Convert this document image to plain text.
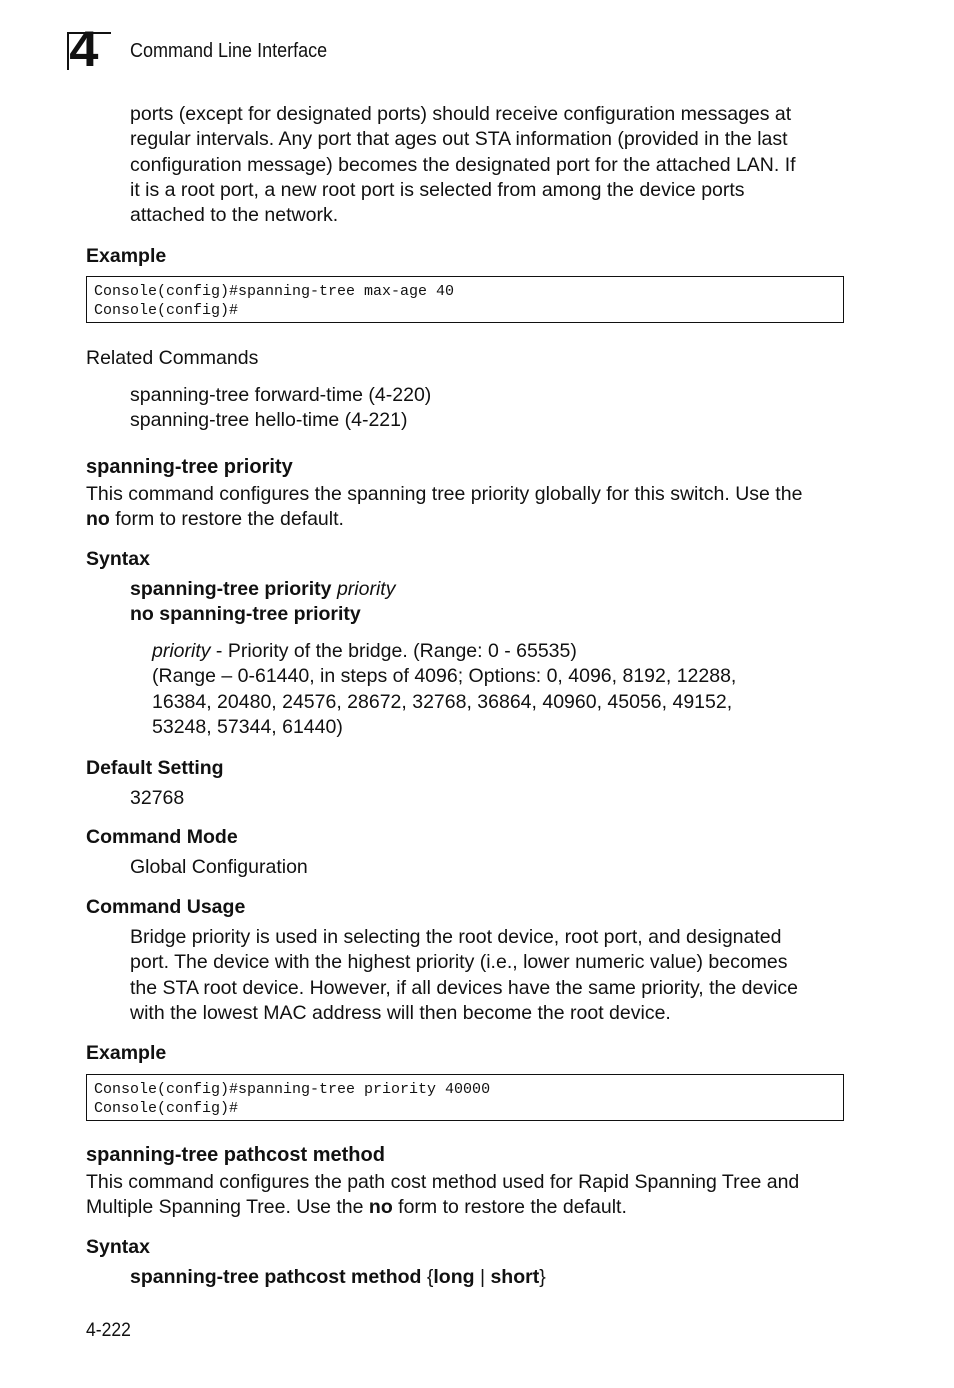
4 Command Line Interface
ports (except for designated ports) should receive configuration messages at
regular intervals. Any port that ages out STA information (provided in the last
configuration message) becomes the designated port for the attached LAN. If
it is a root port, a new root port is selected from among the device ports
attached to the network.
Example
Console(config)#spanning-tree max-age 40
Console(config)#
Related Commands
spanning-tree forward-time (4-220)
spanning-tree hello-time (4-221)
spanning-tree priority
This command configures the spanning tree priority globally for this switch. Use the
no form to restore the default.
Syntax
spanning-tree priority priority
no spanning-tree priority
priority - Priority of the bridge. (Range: 0 - 65535)
(Range – 0-61440, in steps of 4096; Options: 0, 4096, 8192, 12288,
16384, 20480, 24576, 28672, 32768, 36864, 40960, 45056, 49152,
53248, 57344, 61440)
Default Setting
32768
Command Mode
Global Configuration
Command Usage
Bridge priority is used in selecting the root device, root port, and designated
port. The device with the highest priority (i.e., lower numeric value) becomes
the STA root device. However, if all devices have the same priority, the device
with the lowest MAC address will then become the root device.
Example
Console(config)#spanning-tree priority 40000
Console(config)#
spanning-tree pathcost method
This command configures the path cost method used for Rapid Spanning Tree and
Multiple Spanning Tree. Use the no form to restore the default.
Syntax
spanning-tree pathcost method {long | short}
4-222
